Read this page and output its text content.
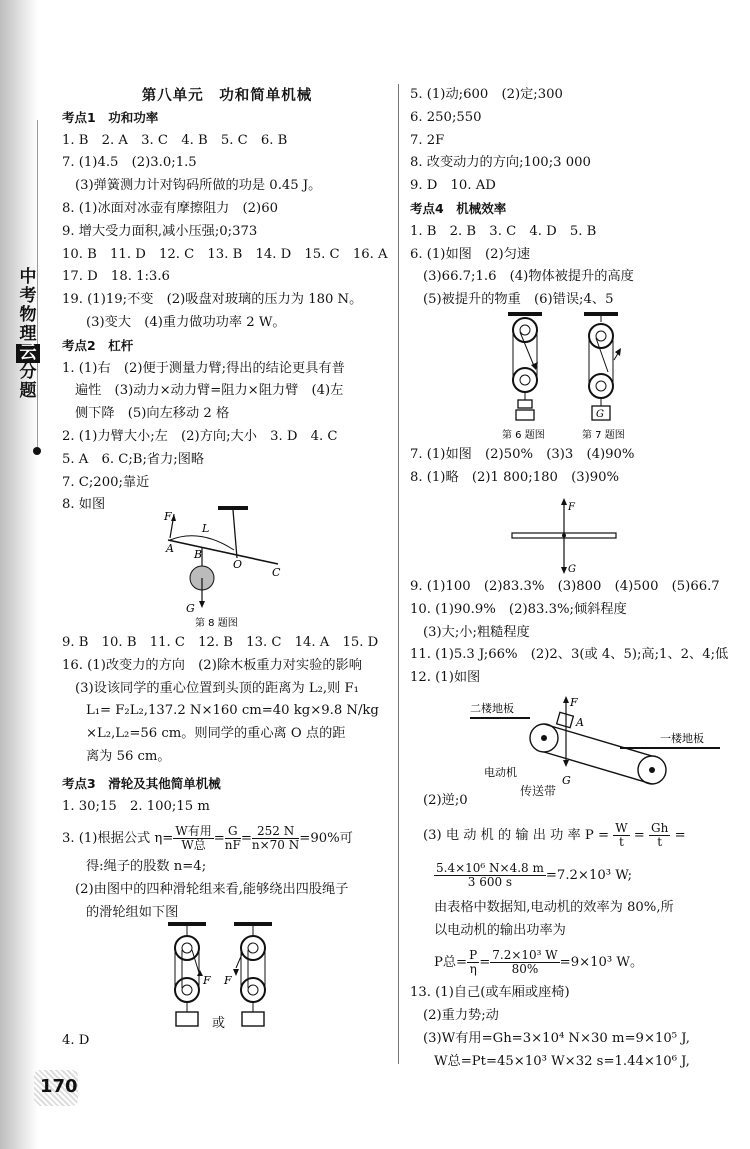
中考物理
云
分题
第八单元　功和简单机械
考点1　功和功率
1. B　2. A　3. C　4. B　5. C　6. B
7. (1)4.5　(2)3.0;1.5
(3)弹簧测力计对钩码所做的功是 0.45 J。
8. (1)冰面对冰壶有摩擦阻力　(2)60
9. 增大受力面积,减小压强;0;373
10. B　11. D　12. C　13. B　14. D　15. C　16. A
17. D　18. 1:3.6
19. (1)19;不变　(2)吸盘对玻璃的压力为 180 N。
(3)变大　(4)重力做功功率 2 W。
考点2　杠杆
1. (1)右　(2)便于测量力臂;得出的结论更具有普
遍性　(3)动力×动力臂=阻力×阻力臂　(4)左
侧下降　(5)向左移动 2 格
2. (1)力臂大小;左　(2)方向;大小　3. D　4. C
5. A　6. C;B;省力;图略
7. C;200;靠近
8. 如图
F
L
A B
O
C
G
第 8 题图
9. B　10. B　11. C　12. B　13. C　14. A　15. D
16. (1)改变力的方向　(2)除木板重力对实验的影响
(3)设该同学的重心位置到头顶的距离为 L₂,则 F₁
L₁= F₂L₂,137.2 N×160 cm=40 kg×9.8 N/kg
×L₂,L₂=56 cm。则同学的重心离 O 点的距
离为 56 cm。
考点3　滑轮及其他简单机械
1. 30;15　2. 100;15 m
3. (1)根据公式 $\eta= \frac{\text{W有用}}{\text{W总}} = \frac{G}{nF} = \frac{252 N}{n\times 70 N} =90\%$可
得:绳子的股数 n=4;
(2)由图中的四种滑轮组来看,能够绕出四股绳子
的滑轮组如下图
F F
或
4. D
5. (1)动;600　(2)定;300
6. 250;550
7. 2F
8. 改变动力的方向;100;3 000
9. D　10. AD
考点4　机械效率
1. B　2. B　3. C　4. D　5. B
6. (1)如图　(2)匀速
(3)66.7;1.6　(4)物体被提升的高度
(5)被提升的物重　(6)错误;4、5
G
第 6 题图	第 7 题图
7. (1)如图　(2)50%　(3)3　(4)90%
8. (1)略　(2)1 800;180　(3)90%
F
G
9. (1)100　(2)83.3%　(3)800　(4)500　(5)66.7
10. (1)90.9%　(2)83.3%;倾斜程度
(3)大;小;粗糙程度
11. (1)5.3 J;66%　(2)2、3(或 4、5);高;1、2、4;低
12. (1)如图
二楼地板
一楼地板
电动机
F
A
G
传送带
(2)逆;0
(3) 电 动 机 的 输 出 功 率 $P = \frac{W}{t} = \frac{Gh}{t}$ =
$\frac{\text{5.4×10⁶ N×4.8 m}}{3 600 s} =7.2\times 10^3$ W;
由表格中数据知,电动机的效率为 80%,所
以电动机的输出功率为
P总= $\frac{P}{\eta} = \frac{\text{7.2×10³ W}}{80\%} =9\times 10^3$ W。
13. (1)自己(或车厢或座椅)
(2)重力势;动
(3)W有用=Gh=3×10⁴ N×30 m=9×10⁵ J,
W总=Pt=45×10³ W×32 s=1.44×10⁶ J,
170
